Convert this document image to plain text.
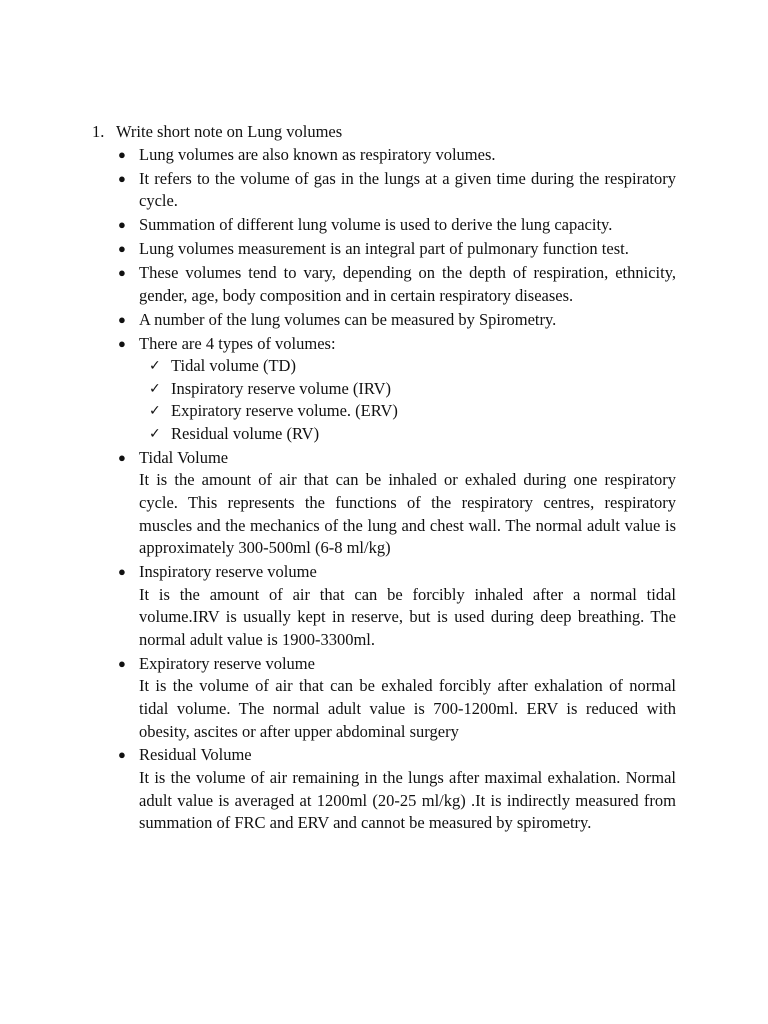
1. Write short note on Lung volumes
● Lung volumes are also known as respiratory volumes.

● It refers to the volume of gas in the lungs at a given time during the respiratory cycle.

● Summation of different lung volume is used to derive the lung capacity.

● Lung volumes measurement is an integral part of pulmonary function test.

● These volumes tend to vary, depending on the depth of respiration, ethnicity, gender, age, body composition and in certain respiratory diseases.

● A number of the lung volumes can be measured by Spirometry.

● There are 4 types of volumes:

✓ Tidal volume (TD)
✓ Inspiratory reserve volume (IRV)
✓ Expiratory reserve volume. (ERV)
✓ Residual volume (RV)
● Tidal Volume

It is the amount of air that can be inhaled or exhaled during one respiratory cycle. This represents the functions of the respiratory centres, respiratory muscles and the mechanics of the lung and chest wall. The normal adult value is approximately 300-500ml (6-8 ml/kg)

● Inspiratory reserve volume

It is the amount of air that can be forcibly inhaled after a normal tidal volume.IRV is usually kept in reserve, but is used during deep breathing. The normal adult value is 1900-3300ml.

● Expiratory reserve volume

It is the volume of air that can be exhaled forcibly after exhalation of normal tidal volume. The normal adult value is 700-1200ml. ERV is reduced with obesity, ascites or after upper abdominal surgery

● Residual Volume

It is the volume of air remaining in the lungs after maximal exhalation. Normal adult value is averaged at 1200ml (20-25 ml/kg) .It is indirectly measured from summation of FRC and ERV and cannot be measured by spirometry.
